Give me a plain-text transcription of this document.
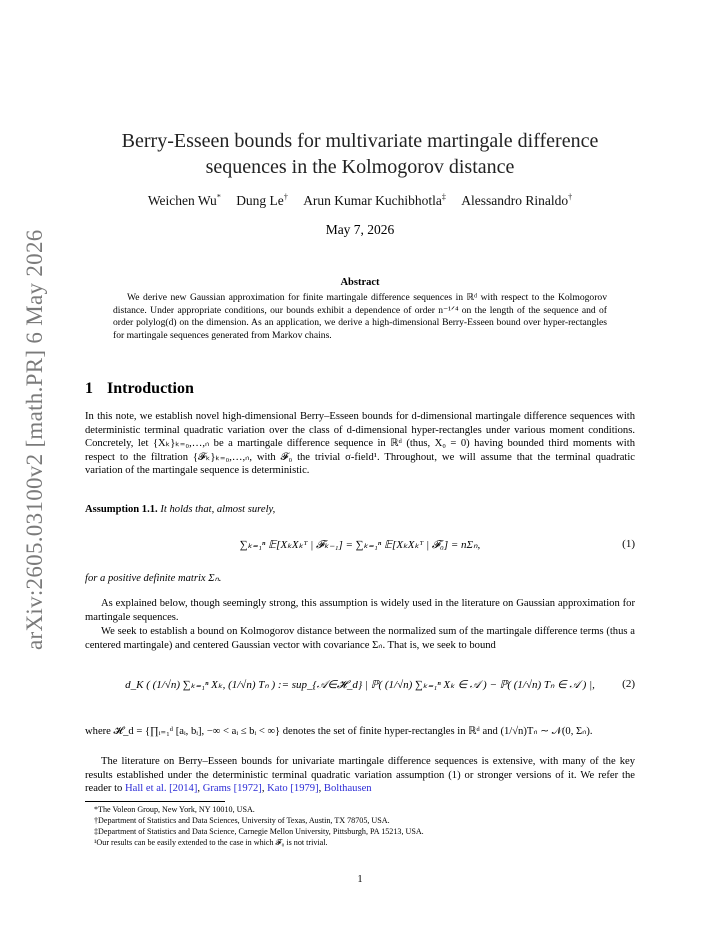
arXiv:2605.03100v2 [math.PR] 6 May 2026
Berry-Esseen bounds for multivariate martingale difference
sequences in the Kolmogorov distance
Weichen Wu* Dung Le† Arun Kumar Kuchibhotla‡ Alessandro Rinaldo†
May 7, 2026
Abstract
We derive new Gaussian approximation for finite martingale difference sequences in ℝᵈ with respect to the Kolmogorov distance. Under appropriate conditions, our bounds exhibit a dependence of order n⁻¹ᐟ⁴ on the length of the sequence and of order polylog(d) on the dimension. As an application, we derive a high-dimensional Berry-Esseen bound over hyper-rectangles for martingale sequences generated from Markov chains.
1 Introduction
In this note, we establish novel high-dimensional Berry–Esseen bounds for d-dimensional martingale difference sequences with deterministic terminal quadratic variation over the class of d-dimensional hyper-rectangles under various moment conditions. Concretely, let {Xₖ}ₖ₌₀,…,ₙ be a martingale difference sequence in ℝᵈ (thus, X₀ = 0) having bounded third moments with respect to the filtration {𝓕ₖ}ₖ₌₀,…,ₙ, with 𝓕₀ the trivial σ-field¹. Throughout, we will assume that the terminal quadratic variation of the martingale sequence is deterministic.
Assumption 1.1. It holds that, almost surely,
∑ₖ₌₁ⁿ 𝔼[XₖXₖᵀ | 𝓕ₖ₋₁] = ∑ₖ₌₁ⁿ 𝔼[XₖXₖᵀ | 𝓕₀] = nΣₙ,	(1)
for a positive definite matrix Σₙ.
As explained below, though seemingly strong, this assumption is widely used in the literature on Gaussian approximation for martingale sequences.
We seek to establish a bound on Kolmogorov distance between the normalized sum of the martingale difference terms (thus a centered martingale) and centered Gaussian vector with covariance Σₙ. That is, we seek to bound
d_K ( (1/√n) ∑ₖ₌₁ⁿ Xₖ, (1/√n) Tₙ ) := sup_{𝒜∈𝓗_d} | ℙ( (1/√n) ∑ₖ₌₁ⁿ Xₖ ∈ 𝒜 ) − ℙ( (1/√n) Tₙ ∈ 𝒜 ) |,	(2)
where 𝓗_d = {∏ᵢ₌₁ᵈ [aᵢ, bᵢ], −∞ < aᵢ ≤ bᵢ < ∞} denotes the set of finite hyper-rectangles in ℝᵈ and (1/√n)Tₙ ∼ 𝒩(0, Σₙ).
The literature on Berry–Esseen bounds for univariate martingale difference sequences is extensive, with many of the key results established under the deterministic terminal quadratic variation assumption (1) or stronger versions of it. We refer the reader to Hall et al. [2014], Grams [1972], Kato [1979], Bolthausen
*The Voleon Group, New York, NY 10010, USA.
†Department of Statistics and Data Sciences, University of Texas, Austin, TX 78705, USA.
‡Department of Statistics and Data Science, Carnegie Mellon University, Pittsburgh, PA 15213, USA.
¹Our results can be easily extended to the case in which 𝓕₀ is not trivial.
1
